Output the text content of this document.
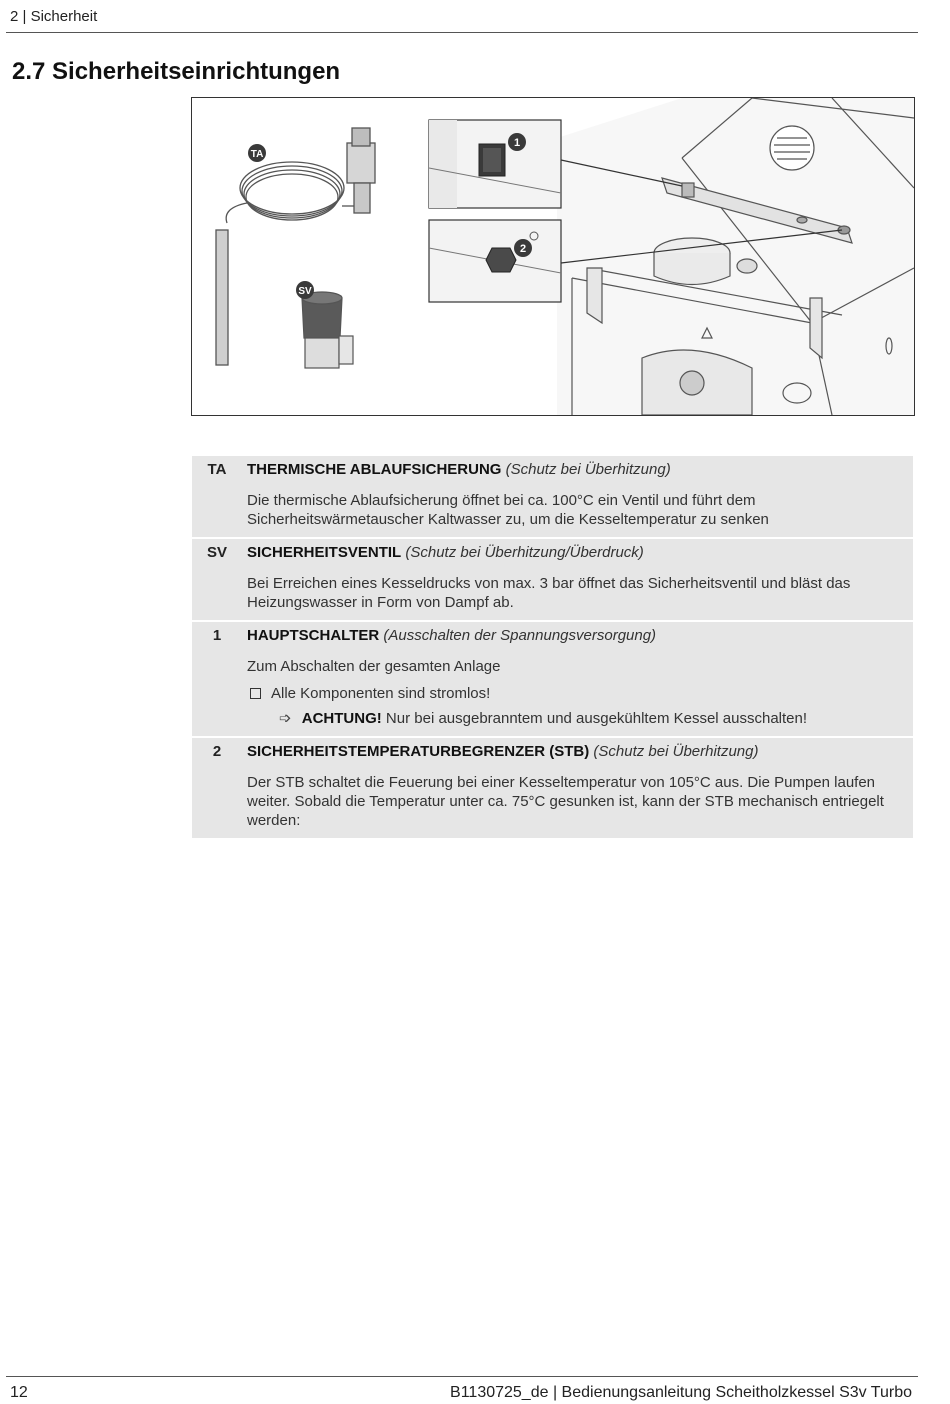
2 | Sicherheit
2.7 Sicherheitseinrichtungen
TA
SV
1
2
TA	THERMISCHE ABLAUFSICHERUNG (Schutz bei Überhitzung)

Die thermische Ablaufsicherung öffnet bei ca. 100°C ein Ventil und führt dem Sicherheitswärmetauscher Kaltwasser zu, um die Kesseltemperatur zu senken

SV	SICHERHEITSVENTIL (Schutz bei Überhitzung/Überdruck)

Bei Erreichen eines Kesseldrucks von max. 3 bar öffnet das Sicherheitsventil und bläst das Heizungswasser in Form von Dampf ab.

1	HAUPTSCHALTER (Ausschalten der Spannungsversorgung)

Zum Abschalten der gesamten Anlage

Alle Komponenten sind stromlos!

➩ ACHTUNG! Nur bei ausgebranntem und ausgekühltem Kessel ausschalten!

2	SICHERHEITSTEMPERATURBEGRENZER (STB) (Schutz bei Überhitzung)

Der STB schaltet die Feuerung bei einer Kesseltemperatur von 105°C aus. Die Pumpen laufen weiter. Sobald die Temperatur unter ca. 75°C gesunken ist, kann der STB mechanisch entriegelt werden:

12	B1130725_de | Bedienungsanleitung Scheitholzkessel S3v Turbo
